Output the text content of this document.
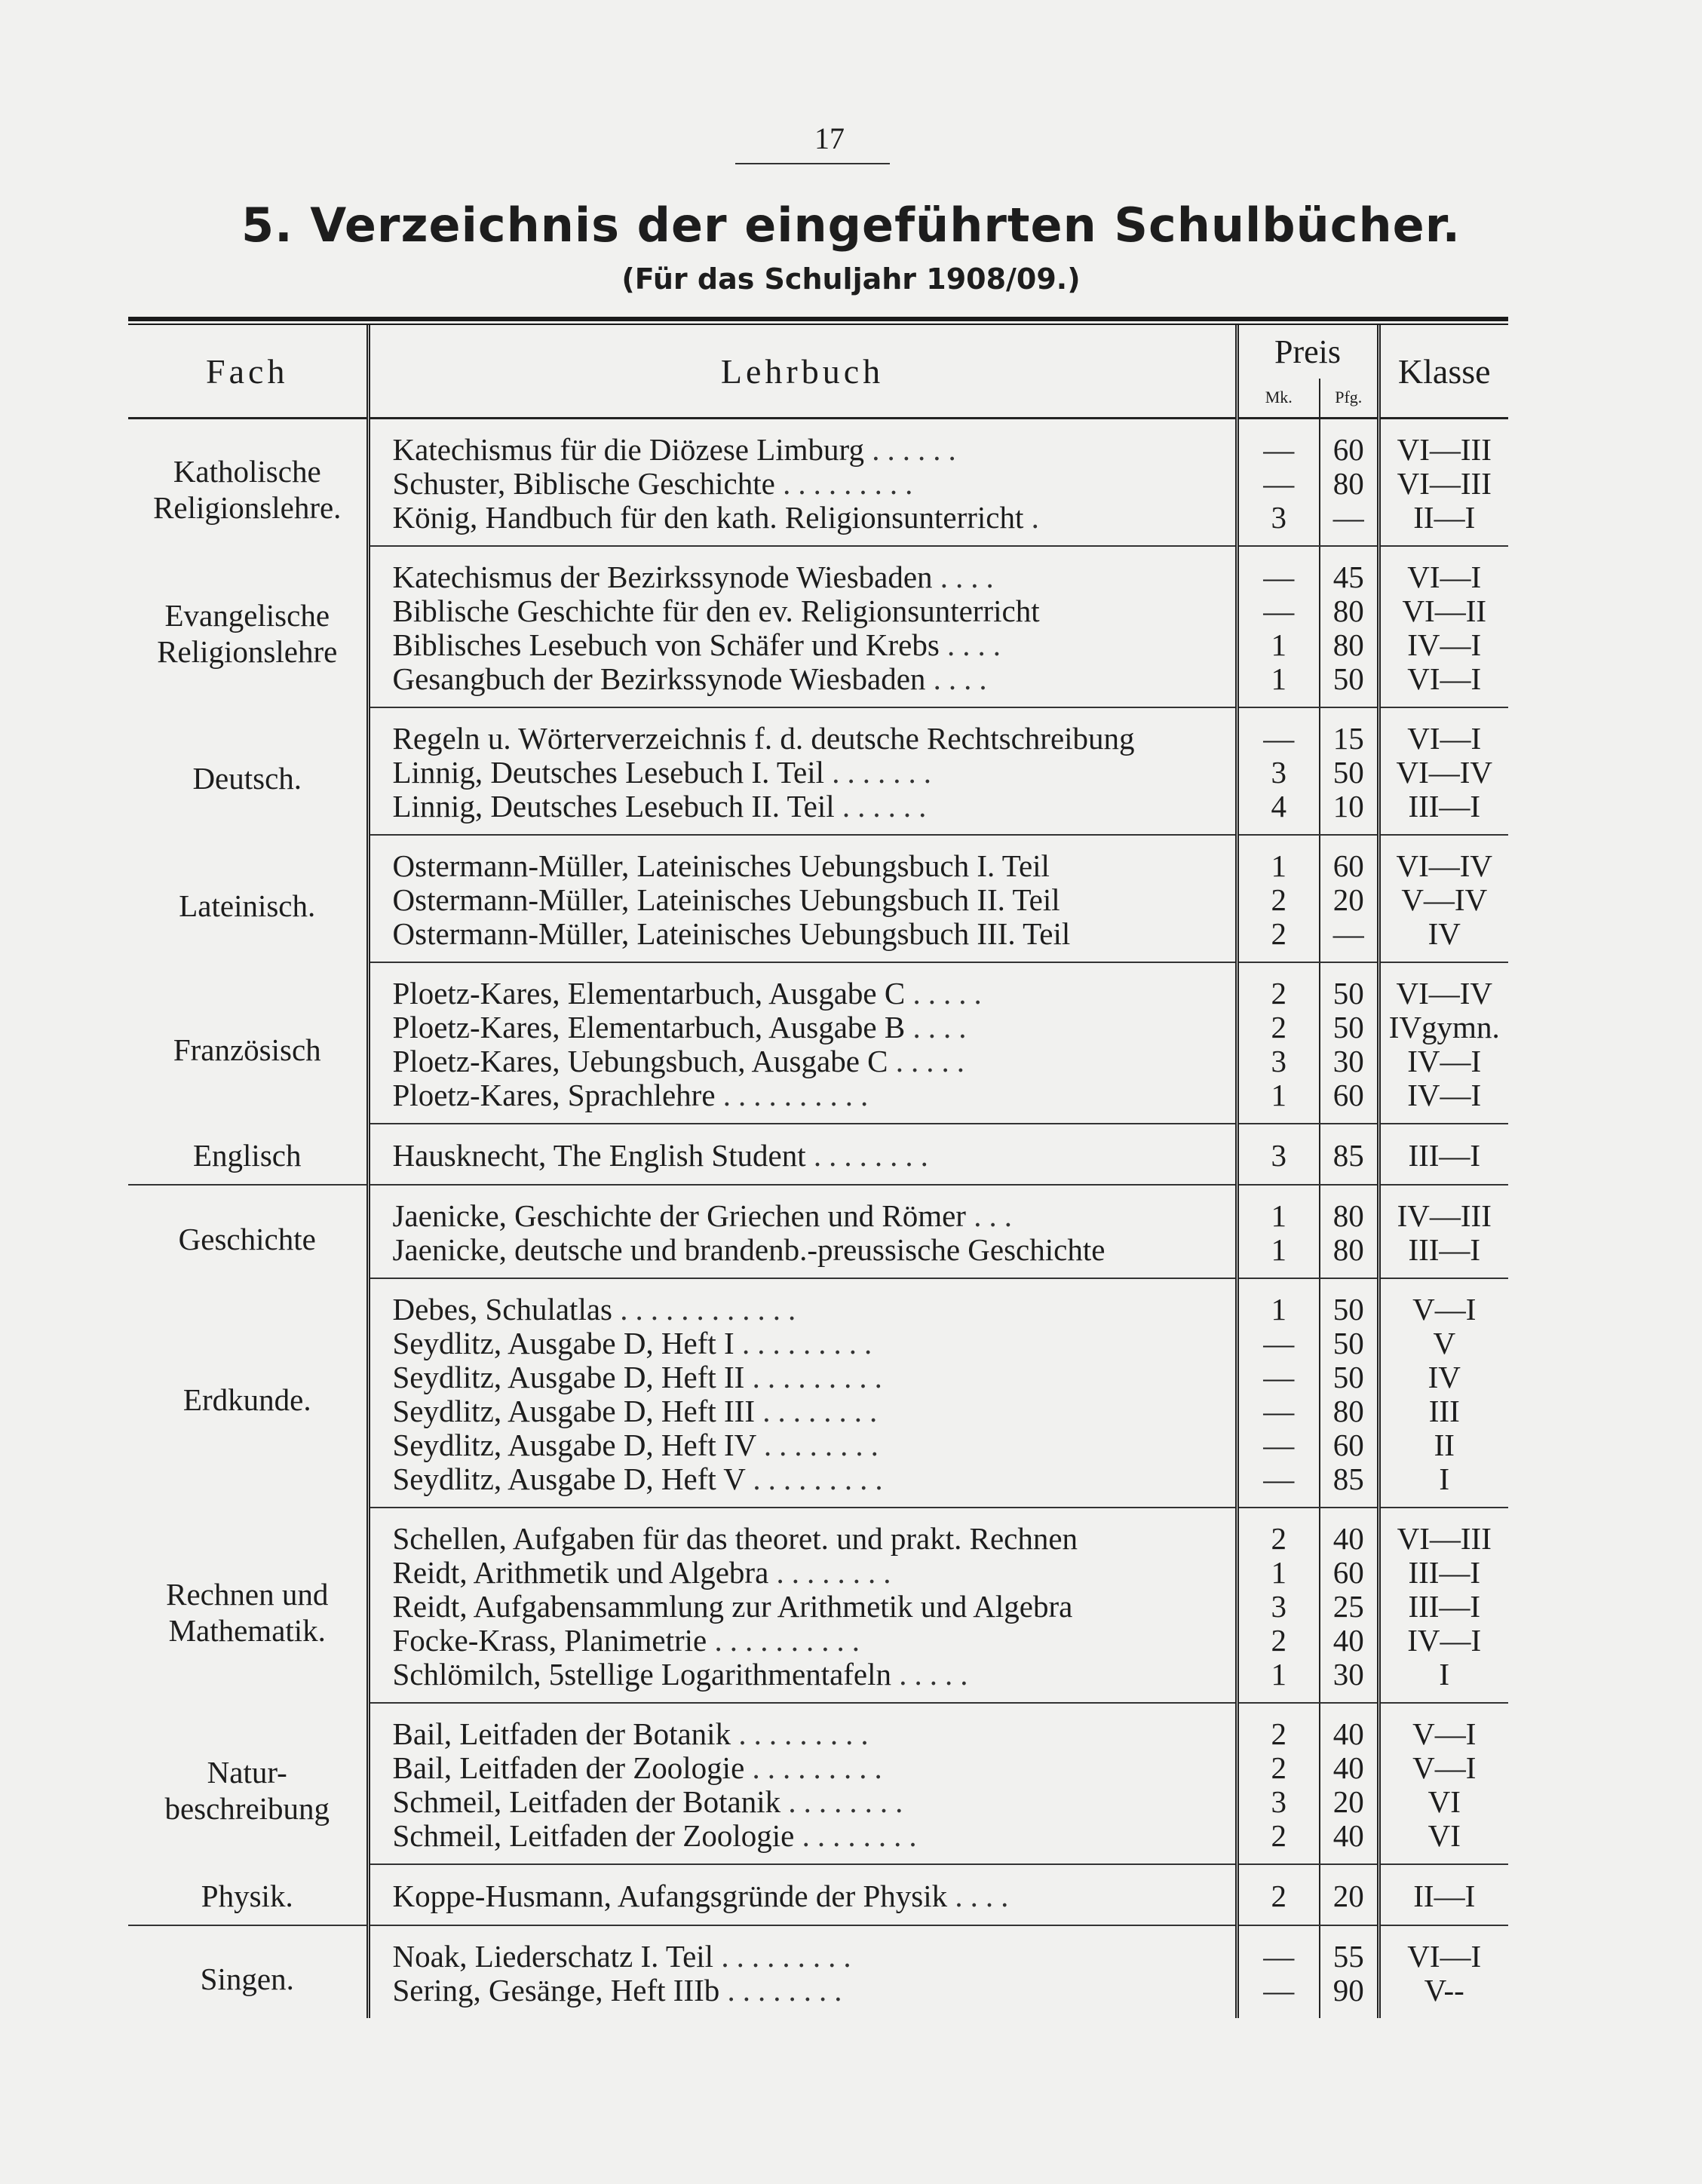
17
5. Verzeichnis der eingeführten Schulbücher.
(Für das Schuljahr 1908/09.)
Fach	Lehrbuch	Preis		Klasse
		Mk.	Pfg.	
Katholische Religionslehre.	Katechismus für die Diözese Limburg ......	—	60	VI—III
	Schuster, Biblische Geschichte .........	—	80	VI—III
	König, Handbuch für den kath. Religionsunterricht .	3	—	II—I
Evangelische Religionslehre	Katechismus der Bezirkssynode Wiesbaden ....	—	45	VI—I
	Biblische Geschichte für den ev. Religionsunterricht	—	80	VI—II
	Biblisches Lesebuch von Schäfer und Krebs ....	1	80	IV—I
	Gesangbuch der Bezirkssynode Wiesbaden ....	1	50	VI—I
Deutsch.	Regeln u. Wörterverzeichnis f. d. deutsche Rechtschreibung	—	15	VI—I
	Linnig, Deutsches Lesebuch I. Teil .......	3	50	VI—IV
	Linnig, Deutsches Lesebuch II. Teil ......	4	10	III—I
Lateinisch.	Ostermann-Müller, Lateinisches Uebungsbuch I. Teil	1	60	VI—IV
	Ostermann-Müller, Lateinisches Uebungsbuch II. Teil	2	20	V—IV
	Ostermann-Müller, Lateinisches Uebungsbuch III. Teil	2	—	IV
Französisch	Ploetz-Kares, Elementarbuch, Ausgabe C .....	2	50	VI—IV
	Ploetz-Kares, Elementarbuch, Ausgabe B ....	2	50	IVgymn.
	Ploetz-Kares, Uebungsbuch, Ausgabe C .....	3	30	IV—I
	Ploetz-Kares, Sprachlehre ..........	1	60	IV—I
Englisch	Hausknecht, The English Student ........	3	85	III—I
Geschichte	Jaenicke, Geschichte der Griechen und Römer ...	1	80	IV—III
	Jaenicke, deutsche und brandenb.-preussische Geschichte	1	80	III—I
Erdkunde.	Debes, Schulatlas ............	1	50	V—I
	Seydlitz, Ausgabe D, Heft I .........	—	50	V
	Seydlitz, Ausgabe D, Heft II .........	—	50	IV
	Seydlitz, Ausgabe D, Heft III ........	—	80	III
	Seydlitz, Ausgabe D, Heft IV ........	—	60	II
	Seydlitz, Ausgabe D, Heft V .........	—	85	I
Rechnen und Mathematik.	Schellen, Aufgaben für das theoret. und prakt. Rechnen	2	40	VI—III
	Reidt, Arithmetik und Algebra ........	1	60	III—I
	Reidt, Aufgabensammlung zur Arithmetik und Algebra	3	25	III—I
	Focke-Krass, Planimetrie ..........	2	40	IV—I
	Schlömilch, 5stellige Logarithmentafeln .....	1	30	I
Natur-beschreibung	Bail, Leitfaden der Botanik .........	2	40	V—I
	Bail, Leitfaden der Zoologie .........	2	40	V—I
	Schmeil, Leitfaden der Botanik ........	3	20	VI
	Schmeil, Leitfaden der Zoologie ........	2	40	VI
Physik.	Koppe-Husmann, Aufangsgründe der Physik ....	2	20	II—I
Singen.	Noak, Liederschatz I. Teil .........	—	55	VI—I
	Sering, Gesänge, Heft IIIb ........	—	90	V--
